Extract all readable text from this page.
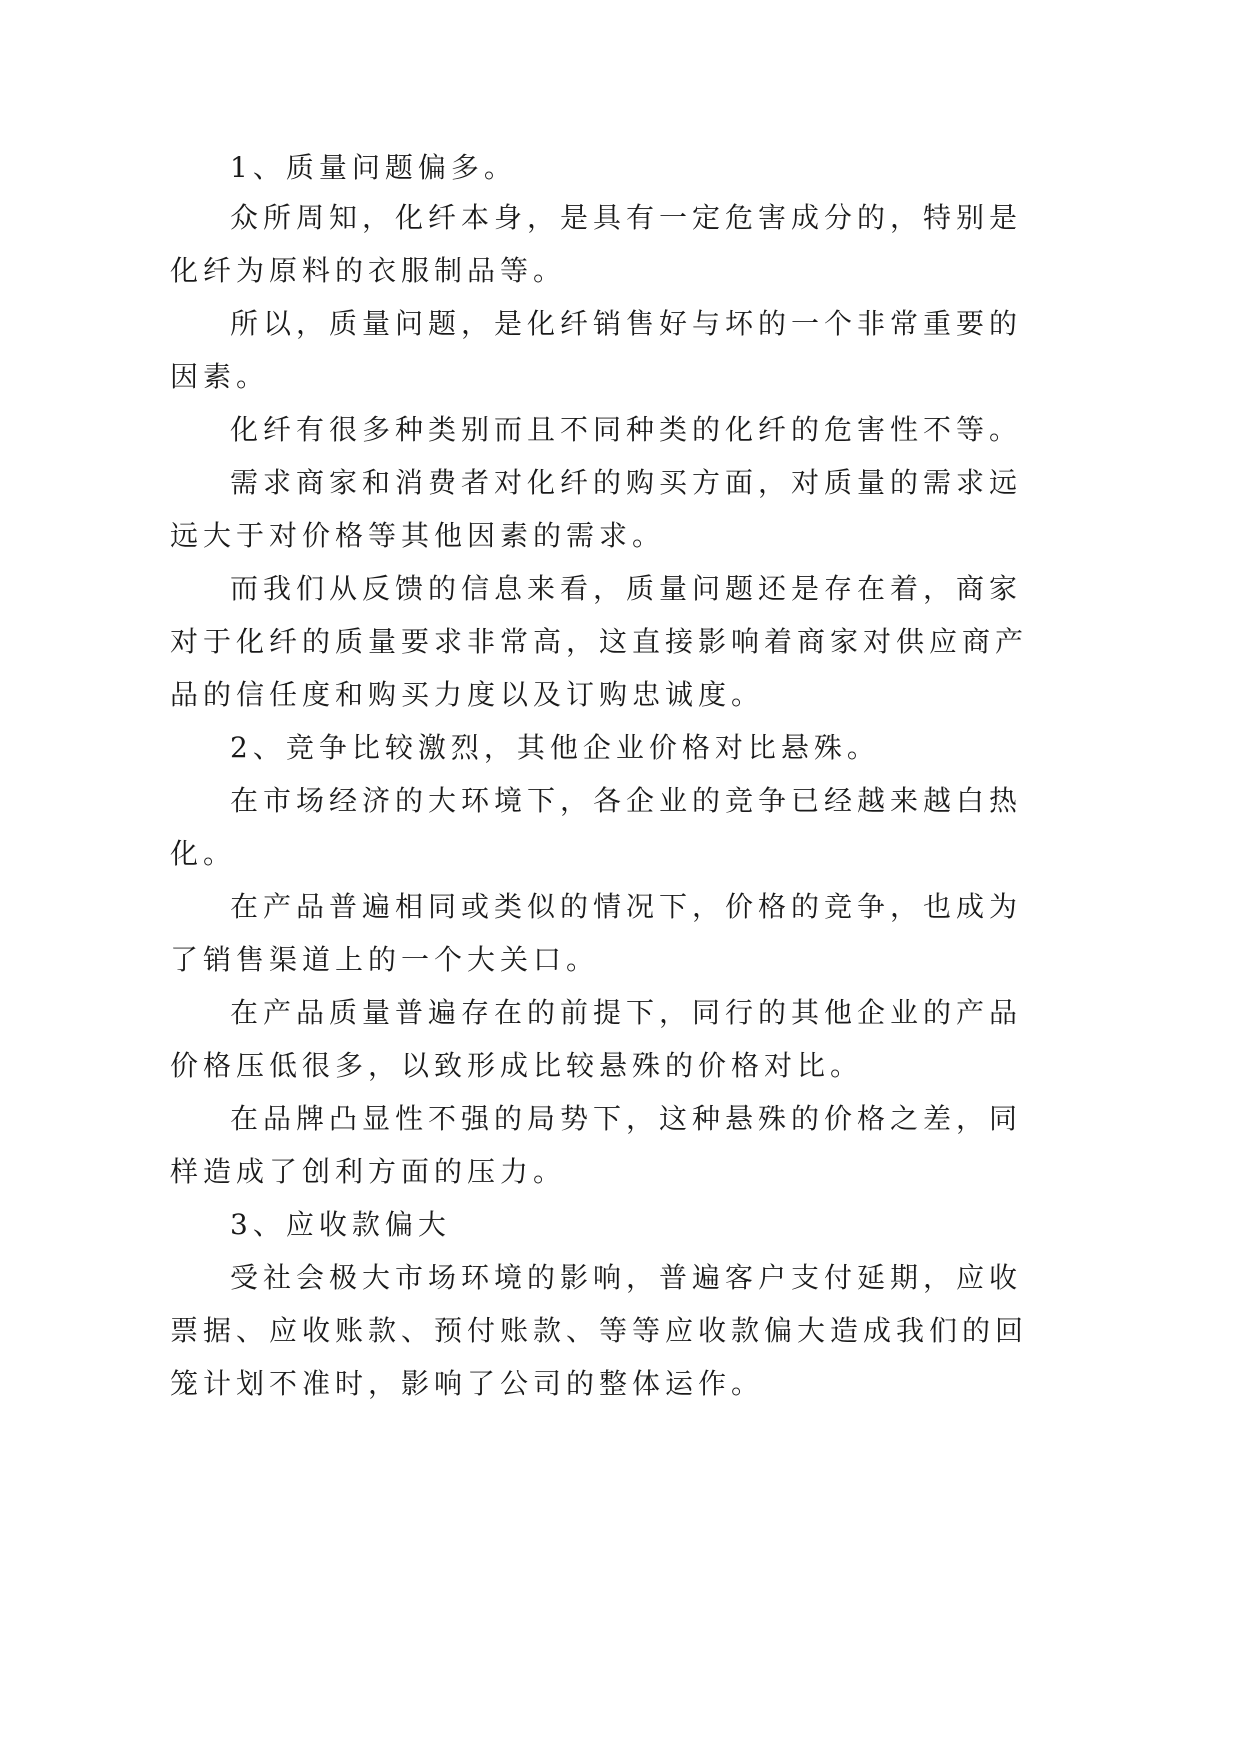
1、质量问题偏多。

众所周知，化纤本身，是具有一定危害成分的，特别是

化纤为原料的衣服制品等。

所以，质量问题，是化纤销售好与坏的一个非常重要的

因素。

化纤有很多种类别而且不同种类的化纤的危害性不等。

需求商家和消费者对化纤的购买方面，对质量的需求远

远大于对价格等其他因素的需求。

而我们从反馈的信息来看，质量问题还是存在着，商家

对于化纤的质量要求非常高，这直接影响着商家对供应商产

品的信任度和购买力度以及订购忠诚度。

2、竞争比较激烈，其他企业价格对比悬殊。

在市场经济的大环境下，各企业的竞争已经越来越白热

化。

在产品普遍相同或类似的情况下，价格的竞争，也成为

了销售渠道上的一个大关口。

在产品质量普遍存在的前提下，同行的其他企业的产品

价格压低很多，以致形成比较悬殊的价格对比。

在品牌凸显性不强的局势下，这种悬殊的价格之差，同

样造成了创利方面的压力。

3、应收款偏大

受社会极大市场环境的影响，普遍客户支付延期，应收

票据、应收账款、预付账款、等等应收款偏大造成我们的回

笼计划不准时，影响了公司的整体运作。
